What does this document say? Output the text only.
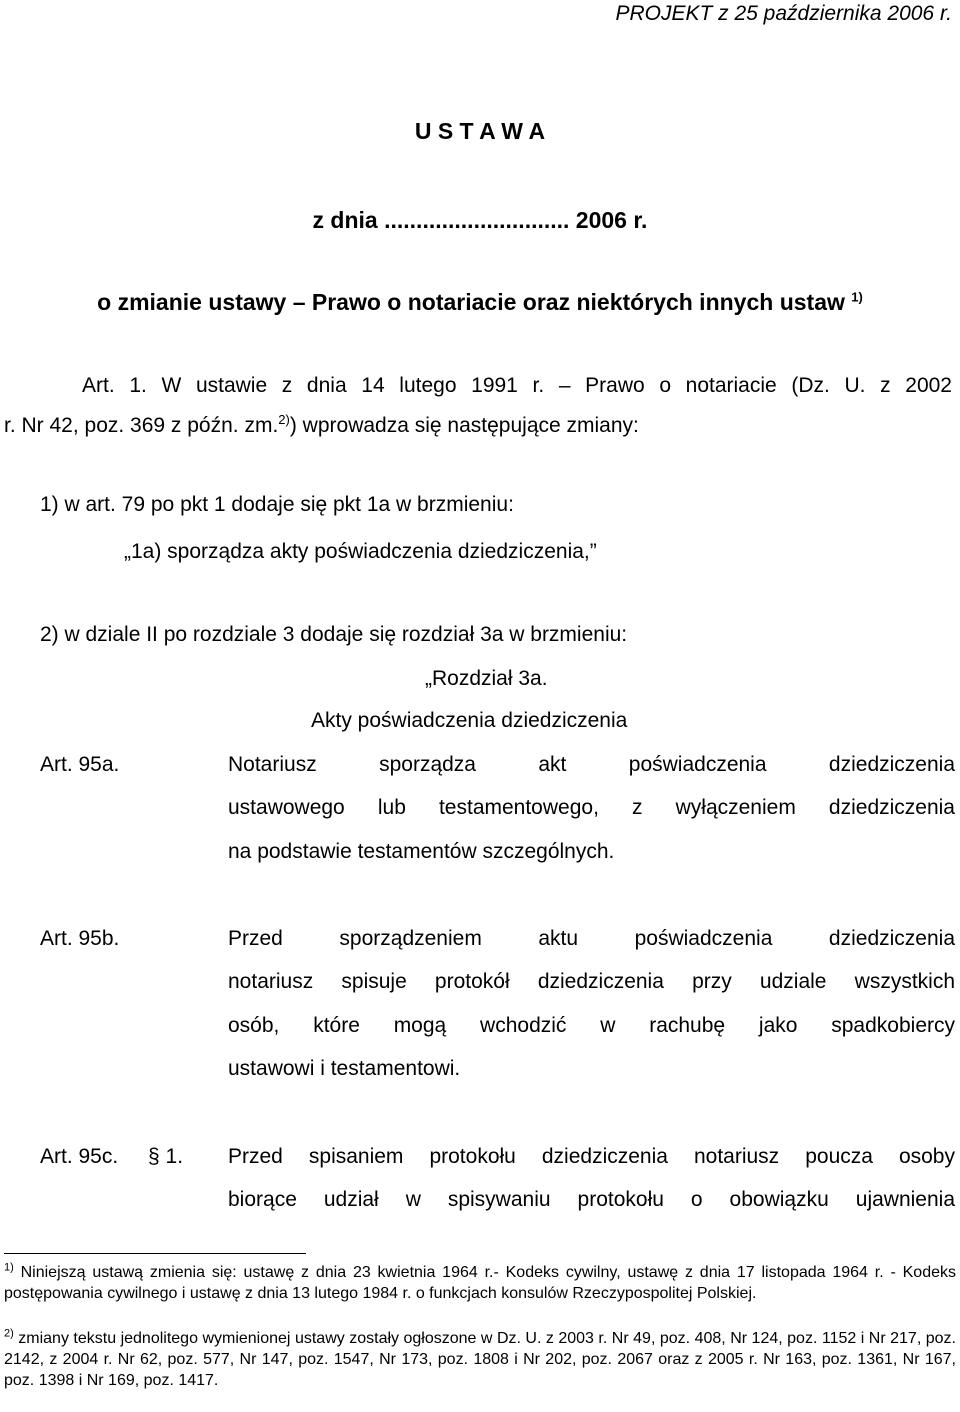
PROJEKT z 25 października 2006 r.
U S T A W A
z dnia ............................. 2006 r.
o zmianie ustawy – Prawo o notariacie oraz niektórych innych ustaw $^{1)}$
Art. 1. W ustawie z dnia 14 lutego 1991 r. – Prawo o notariacie (Dz. U. z 2002
r. Nr 42, poz. 369 z późn. zm.$^{2)}$) wprowadza się następujące zmiany:
1) w art. 79 po pkt 1 dodaje się pkt 1a w brzmieniu:
„1a) sporządza akty poświadczenia dziedziczenia,”
2) w dziale II po rozdziale 3 dodaje się rozdział 3a w brzmieniu:
„Rozdział 3a.
Akty poświadczenia dziedziczenia
Art. 95a.	Notariusz sporządza akt poświadczenia dziedziczenia
ustawowego lub testamentowego, z wyłączeniem dziedziczenia
na podstawie testamentów szczególnych.
Art. 95b.	Przed sporządzeniem aktu poświadczenia dziedziczenia
notariusz spisuje protokół dziedziczenia przy udziale wszystkich
osób, które mogą wchodzić w rachubę jako spadkobiercy
ustawowi i testamentowi.
Art. 95c. § 1. Przed spisaniem protokołu dziedziczenia notariusz poucza osoby
biorące udział w spisywaniu protokołu o obowiązku ujawnienia
$^{1)}$ Niniejszą ustawą zmienia się: ustawę z dnia 23 kwietnia 1964 r.- Kodeks cywilny, ustawę z dnia 17 listopada 1964 r. - Kodeks postępowania cywilnego i ustawę z dnia 13 lutego 1984 r. o funkcjach konsulów Rzeczypospolitej Polskiej.
$^{2)}$ zmiany tekstu jednolitego wymienionej ustawy zostały ogłoszone w Dz. U. z 2003 r. Nr 49, poz. 408, Nr 124, poz. 1152 i Nr 217, poz. 2142, z 2004 r. Nr 62, poz. 577, Nr 147, poz. 1547, Nr 173, poz. 1808 i Nr 202, poz. 2067 oraz z 2005 r. Nr 163, poz. 1361, Nr 167, poz. 1398 i Nr 169, poz. 1417.
